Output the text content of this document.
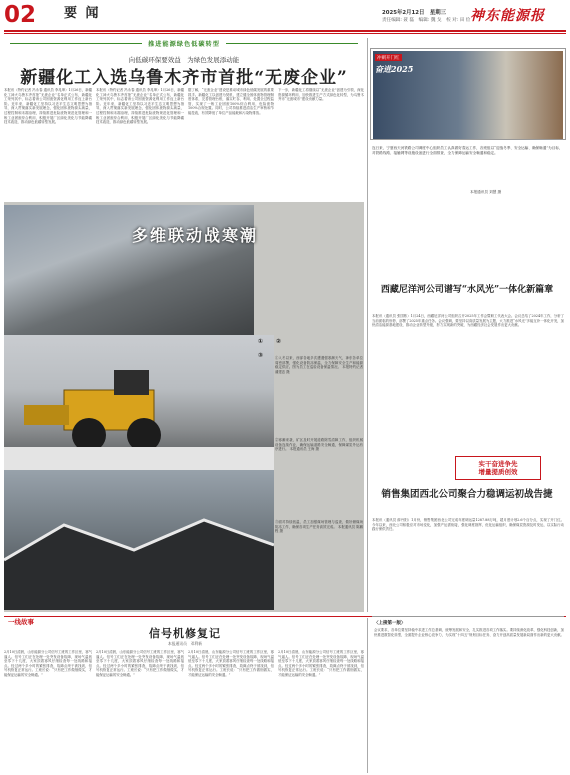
02 要 闻	2025年2月12日　星期三
责任编辑: 聂 磊　编辑: 魏 戈　校 对: 田 俭 神东能源报
推进能源绿色低碳转型
向低碳环保要效益　为绿色发展添动能
新疆化工入选乌鲁木齐市首批“无废企业”
本报讯（特约记者 冯永春 通讯员 李兆坤）1月26日，新疆化工神火乌鲁木齐首批“无废企业”名单正式公布，新疆化工荣列其中，标志着该公司固废资源化利用工作迈上新台阶。近年来，新疆化工坚持以习近平生态文明思想为指导，深入贯彻落实新发展理念，强化固体废物源头减量、过程控制和末端治理，持续推进危险废物规范化管理和一般工业固废综合利用，积极开展厂区绿化美化与节能降碳技术改造，推动绿色低碳转型发展。
本报讯（特约记者 冯永春 通讯员 李兆坤）1月26日，新疆化工神火乌鲁木齐首批“无废企业”名单正式公布，新疆化工荣列其中，标志着该公司固废资源化利用工作迈上新台阶。近年来，新疆化工坚持以习近平生态文明思想为指导，深入贯彻落实新发展理念，强化固体废物源头减量、过程控制和末端治理，持续推进危险废物规范化管理和一般工业固废综合利用，积极开展厂区绿化美化与节能降碳技术改造，推动绿色低碳转型发展。
据了解，“无废企业”建设是推动城市绿色低碳发展的重要抓手。新疆化工以创建为契机，建立健全固体废物管理制度体系，完善管理台账，落实贮存、利用、处置全过程监管，实现了一般工业固废100%综合利用，危险废物100%合规处置。同时，公司持续推进清洁生产审核和节能技改，有效降低了单位产品能耗和污染物排放。
下一步，新疆化工将继续以“无废企业”创建为引领，深化资源循环利用，加快推进生产方式绿色化转型，为乌鲁木齐市“无废城市”建设贡献力量。
多维联动战寒潮
① ②
③	①入冬以来，西部各地多次遭遇强寒潮天气，神东各单位周密部署，强化设备防冻保温，全力保障安全生产和能源稳定供应。图为员工在巡检设备保温情况。 本报特约记者 蒲建忠 摄
②寒潮来袭，矿区及时开展道路除雪清障工作，组织机械设备连续作业，确保运输道路安全畅通，保障煤炭外运有序进行。 本报通讯员 王海 摄
③面对持续低温，员工加强煤场管理与巡查，做好储煤场防冻工作，确保各项生产任务高效完成。 本报通讯员 陈鹏程 摄
冲刺开门红
奋进2025
连日来，宁夏西天河铁路公司调度中心组织员工认真做好春运工作，各班组以“迎战冬季、安全运输、确保畅通”为目标，对铁路线路、接触网等设施设备进行全面排查，全力保障运输安全畅通和稳定。
本报通讯员 刘慧 摄
西藏尼洋河公司谱写“水风光”一体化新篇章
本报讯（通讯员 张国栋）1月24日，西藏尼洋河公司组织召开2025年工作会暨职工代表大会。会议总结了2024年工作，分析了当前面临的形势，部署了2025年重点任务。会议强调，要坚持以高质量发展为主题，大力推进“水风光”多能互补一体化开发，加快清洁能源基地建设，推动企业转型升级，努力实现新的突破，为西藏经济社会发展作出更大贡献。
实干奋进争先
增量提质创效
销售集团西北公司聚合力稳调运初战告捷
本报讯（通讯员 薛丹阳）1月份，销售集团西北公司完成年度调运量1287.88万吨，超月度计划2.6个百分点，实现了开门红。今年以来，西北公司积极应对市场变化，加强产运需衔接，强化调度指挥，优化运输组织，确保煤炭资源及时发运，以实际行动践行保供责任。
一线故事
信号机修复记
本报通讯员　邓利新
2月10日清晨，山东能源分公司信号工班的工作区里，寒气逼人。信号工们正在处理一处突发设备故障，现场气温低至零下十几度，大家顶着寒风仔细检查每一处线路和接点。经过两个多小时的紧张排查，故障点终于被找到，信号机恢复正常运行。工班长说：“只有把工作做细做实，才能保证运输的安全畅通。”
2月10日清晨，山东能源分公司信号工班的工作区里，寒气逼人。信号工们正在处理一处突发设备故障，现场气温低至零下十几度，大家顶着寒风仔细检查每一处线路和接点。经过两个多小时的紧张排查，故障点终于被找到，信号机恢复正常运行。工班长说：“只有把工作做细做实，才能保证运输的安全畅通。”
2月10日清晨，山东能源分公司信号工班的工作区里，寒气逼人。信号工们正在处理一处突发设备故障，现场气温低至零下十几度，大家顶着寒风仔细检查每一处线路和接点。经过两个多小时的紧张排查，故障点终于被找到，信号机恢复正常运行。工班长说：“只有把工作做细做实，才能保证运输的安全畅通。”
2月10日清晨，山东能源分公司信号工班的工作区里，寒气逼人。信号工们正在处理一处突发设备故障，现场气温低至零下十几度，大家顶着寒风仔细检查每一处线路和接点。经过两个多小时的紧张排查，故障点终于被找到，信号机恢复正常运行。工班长说：“只有把工作做细做实，才能保证运输的安全畅通。”
〈上接第一版〉
会议要求，各单位要坚持稳中求进工作总基调，统筹发展和安全，扎实推进各项工作落实。要持续深化改革，强化科技创新，加快推进数智化转型，全面提升企业核心竞争力，为实现“十四五”规划目标任务、奋力开创高质量发展新局面作出新的更大贡献。
